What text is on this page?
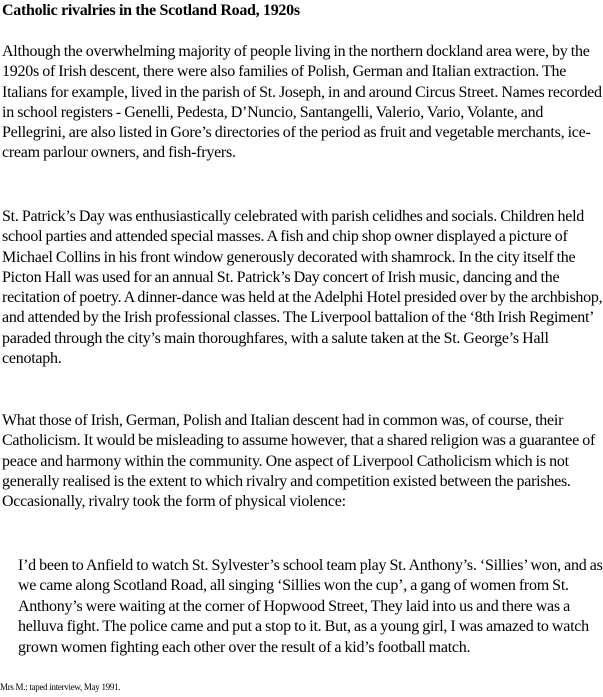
Catholic rivalries in the Scotland Road, 1920s

Although the overwhelming majority of people living in the northern dockland area were, by the 1920s of Irish descent, there were also families of Polish, German and Italian extraction. The Italians for example, lived in the parish of St. Joseph, in and around Circus Street. Names recorded in school registers - Genelli, Pedesta, D’Nuncio, Santangelli, Valerio, Vario, Volante, and Pellegrini, are also listed in Gore’s directories of the period as fruit and vegetable merchants, ice-cream parlour owners, and fish-fryers.

St. Patrick’s Day was enthusiastically celebrated with parish celidhes and socials. Children held school parties and attended special masses. A fish and chip shop owner displayed a picture of Michael Collins in his front window generously decorated with shamrock. In the city itself the Picton Hall was used for an annual St. Patrick’s Day concert of Irish music, dancing and the recitation of poetry. A dinner-dance was held at the Adelphi Hotel presided over by the archbishop, and attended by the Irish professional classes. The Liverpool battalion of the ‘8th Irish Regiment’ paraded through the city’s main thoroughfares, with a salute taken at the St. George’s Hall cenotaph.

What those of Irish, German, Polish and Italian descent had in common was, of course, their Catholicism. It would be misleading to assume however, that a shared religion was a guarantee of peace and harmony within the community. One aspect of Liverpool Catholicism which is not generally realised is the extent to which rivalry and competition existed between the parishes. Occasionally, rivalry took the form of physical violence:

I’d been to Anfield to watch St. Sylvester’s school team play St. Anthony’s. ‘Sillies’ won, and as we came along Scotland Road, all singing ‘Sillies won the cup’, a gang of women from St. Anthony’s were waiting at the corner of Hopwood Street, They laid into us and there was a helluva fight. The police came and put a stop to it. But, as a young girl, I was amazed to watch grown women fighting each other over the result of a kid’s football match.

Mrs M.: taped interview, May 1991.
